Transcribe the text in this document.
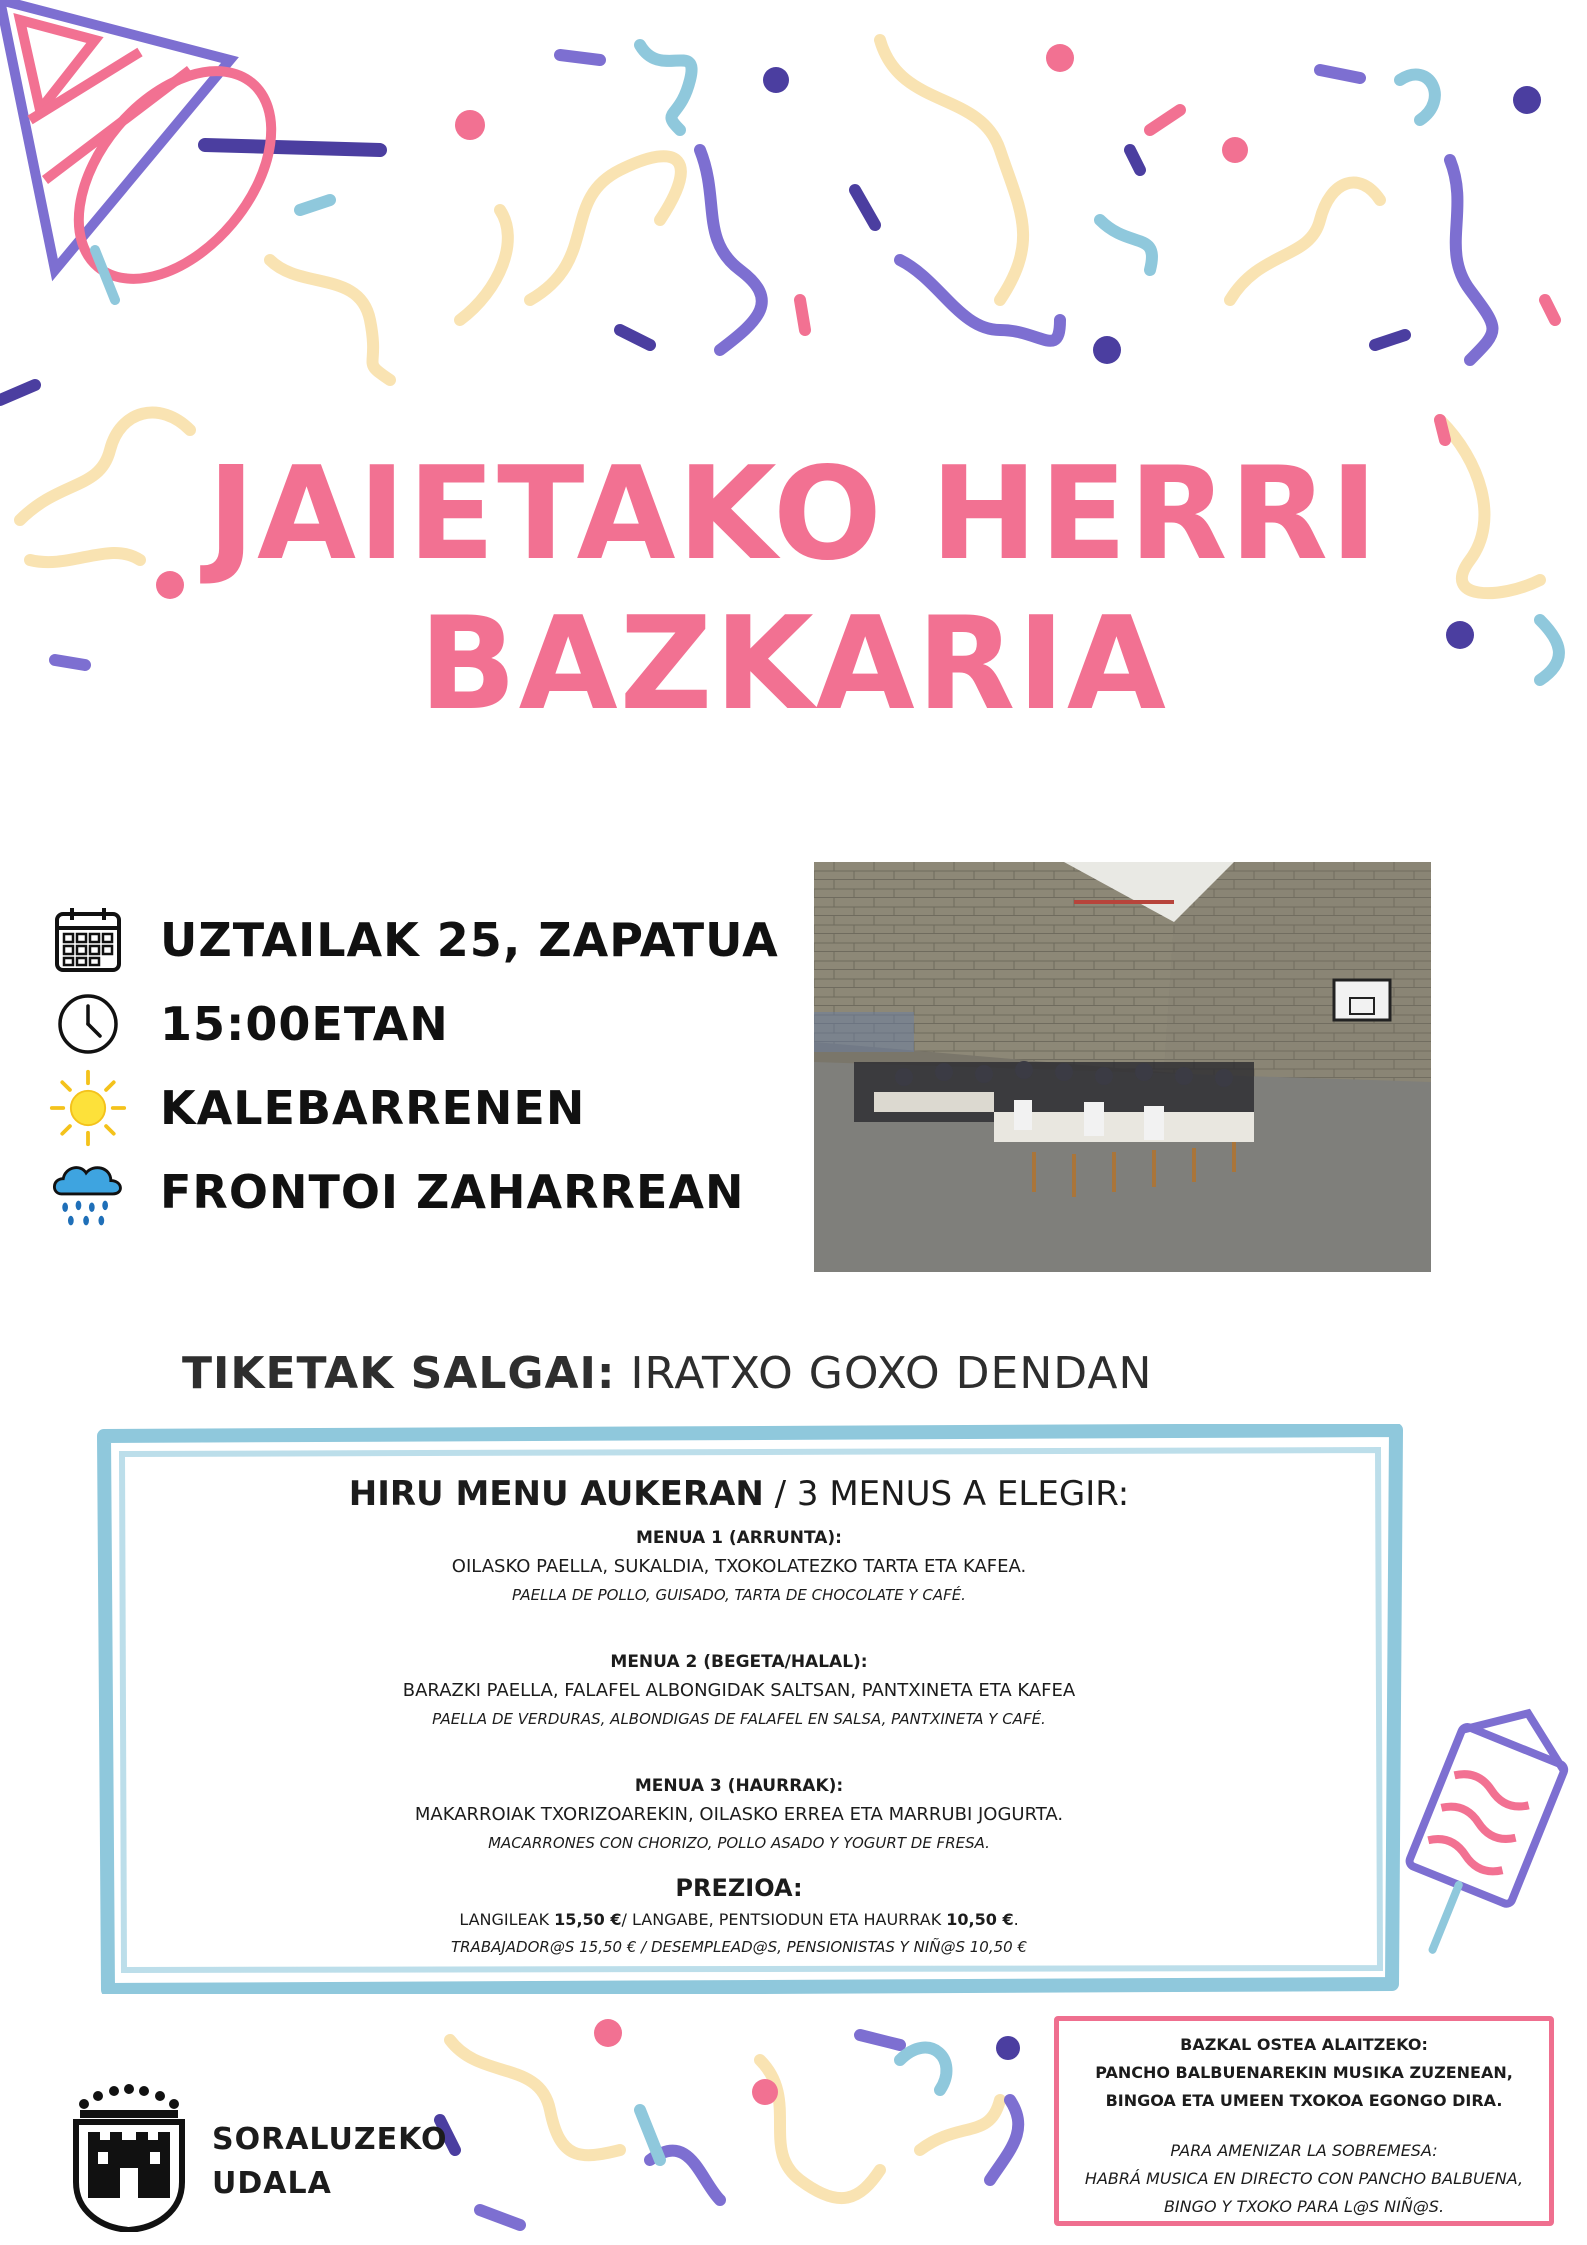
JAIETAKO HERRI
BAZKARIA
UZTAILAK 25, ZAPATUA
15:00ETAN
KALEBARRENEN
FRONTOI ZAHARREAN
TIKETAK SALGAI: IRATXO GOXO DENDAN
HIRU MENU AUKERAN / 3 MENUS A ELEGIR:
MENUA 1 (ARRUNTA):
OILASKO PAELLA, SUKALDIA, TXOKOLATEZKO TARTA ETA KAFEA.
PAELLA DE POLLO, GUISADO, TARTA DE CHOCOLATE Y CAFÉ.
MENUA 2 (BEGETA/HALAL):
BARAZKI PAELLA, FALAFEL ALBONGIDAK SALTSAN, PANTXINETA ETA KAFEA
PAELLA DE VERDURAS, ALBONDIGAS DE FALAFEL EN SALSA, PANTXINETA Y CAFÉ.
MENUA 3 (HAURRAK):
MAKARROIAK TXORIZOAREKIN, OILASKO ERREA ETA MARRUBI JOGURTA.
MACARRONES CON CHORIZO, POLLO ASADO Y YOGURT DE FRESA.
PREZIOA:
LANGILEAK 15,50 €/ LANGABE, PENTSIODUN ETA HAURRAK 10,50 €.
TRABAJADOR@S 15,50 € / DESEMPLEAD@S, PENSIONISTAS Y NIÑ@S 10,50 €
BAZKAL OSTEA ALAITZEKO:
PANCHO BALBUENAREKIN MUSIKA ZUZENEAN,
BINGOA ETA UMEEN TXOKOA EGONGO DIRA.
PARA AMENIZAR LA SOBREMESA:
HABRÁ MUSICA EN DIRECTO CON PANCHO BALBUENA,
BINGO Y TXOKO PARA L@S NIÑ@S.
SORALUZEKO
UDALA
